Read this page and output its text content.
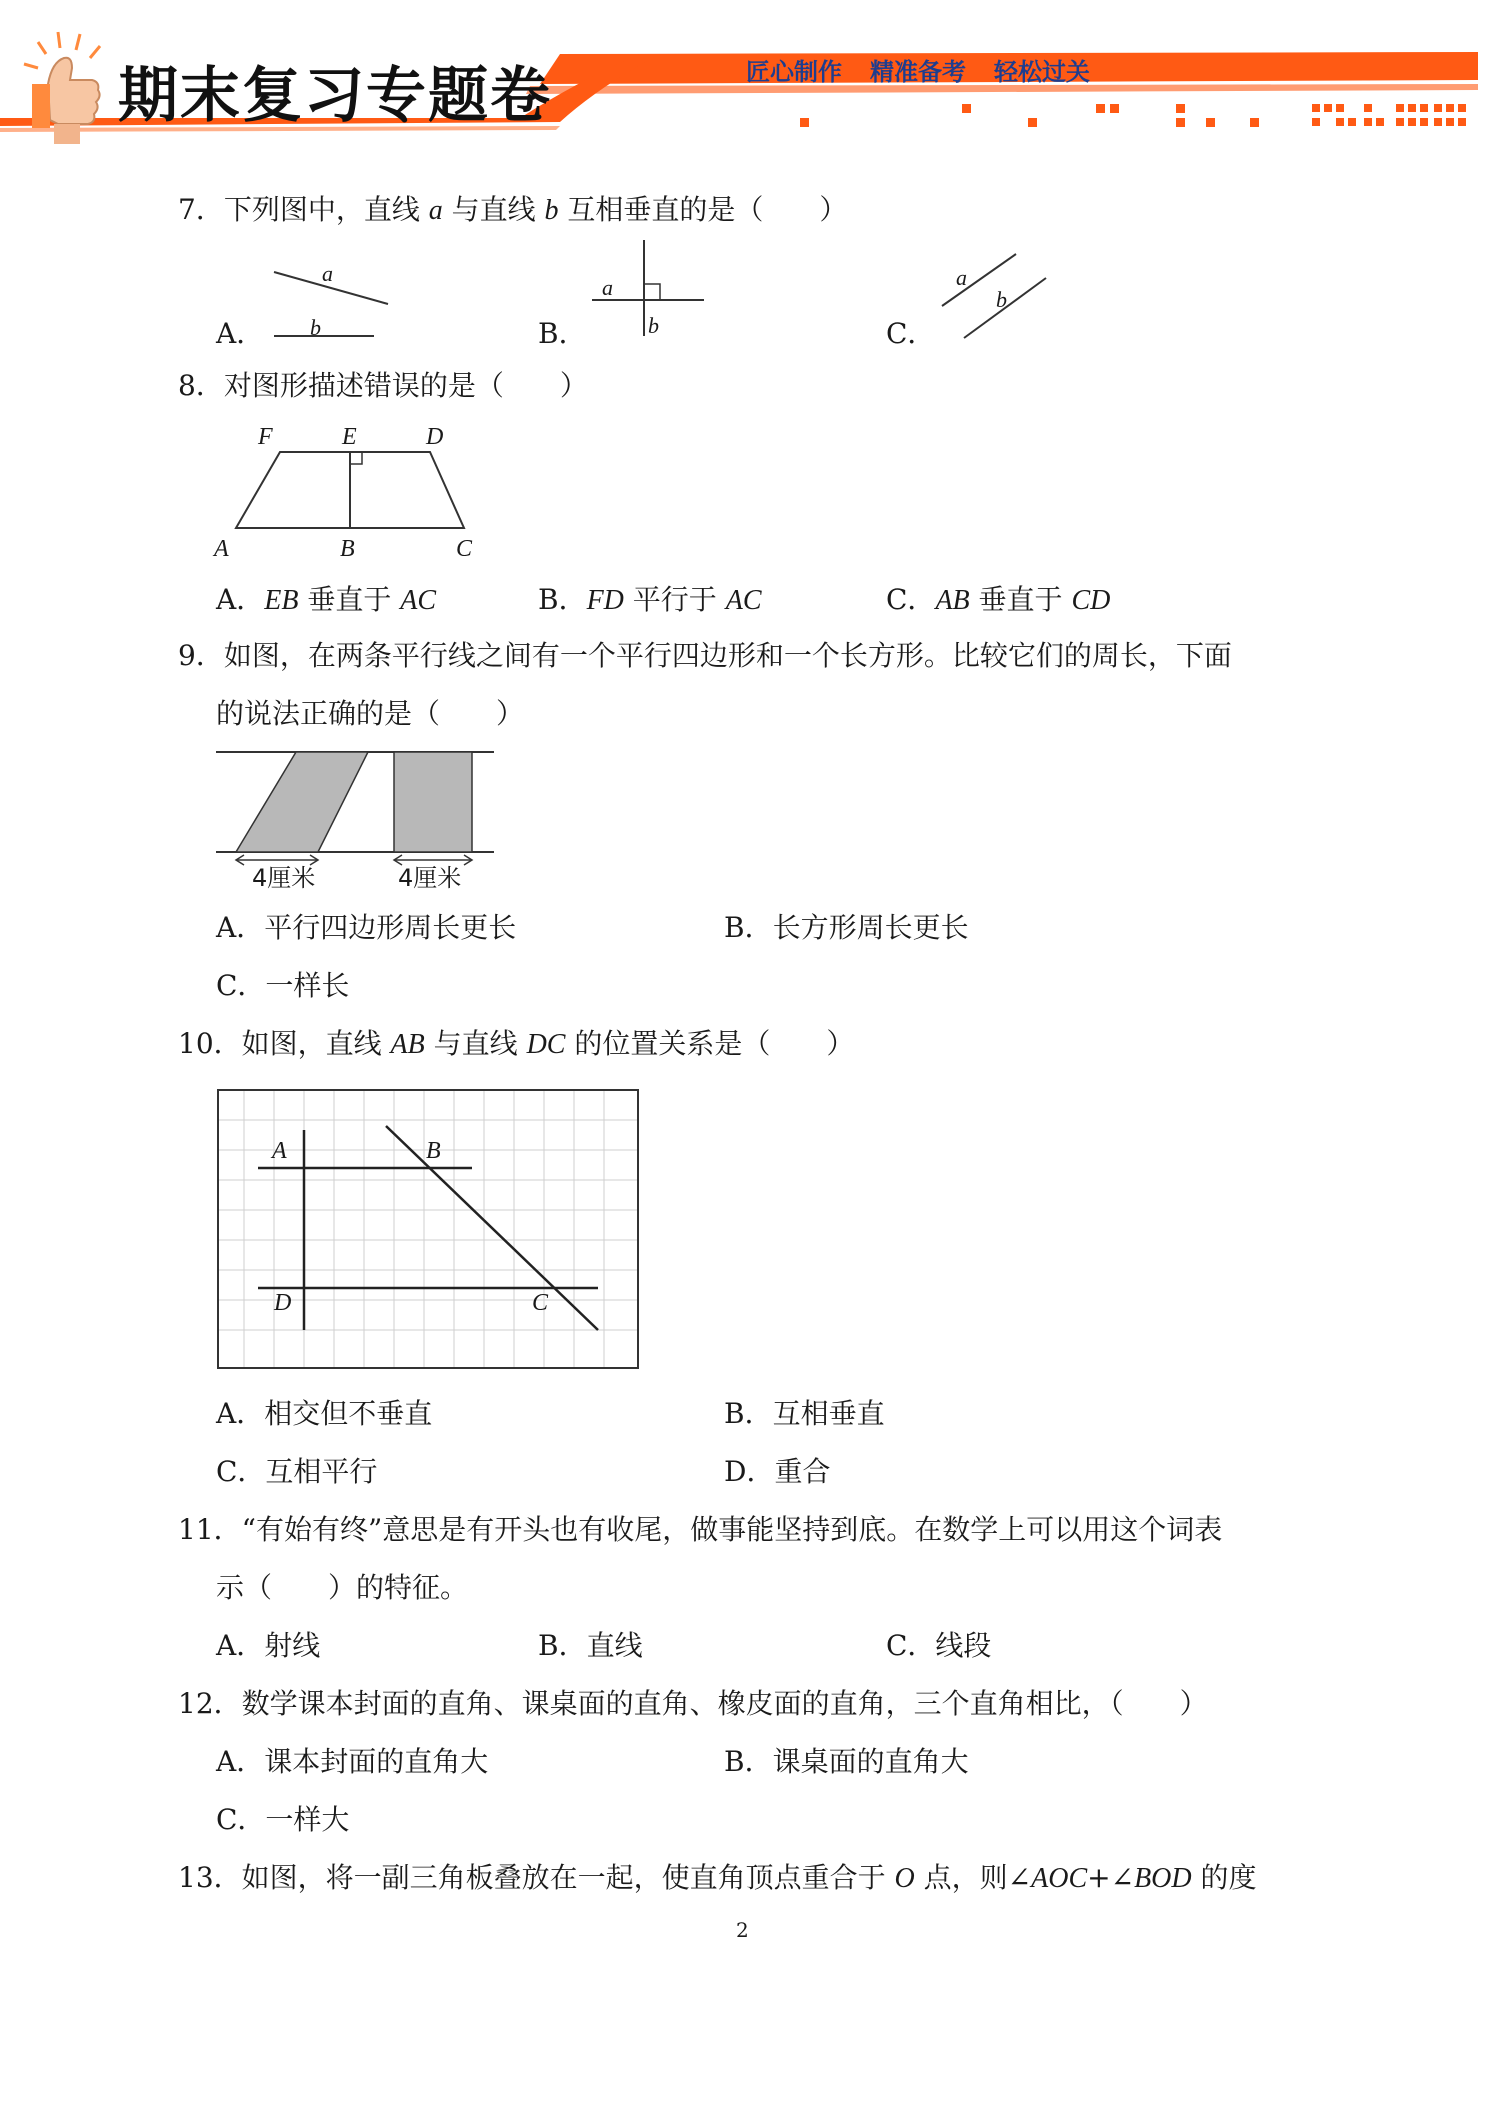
期末复习专题卷	匠心制作 精准备考 轻松过关
7．下列图中，直线 a 与直线 b 互相垂直的是（　　）
A．
a
b	B．
a
b	C．
a
b
8．对图形描述错误的是（　　）
F	E	D
A	B	C
A．EB 垂直于 AC	B．FD 平行于 AC	C．AB 垂直于 CD
9．如图，在两条平行线之间有一个平行四边形和一个长方形。比较它们的周长，下面
的说法正确的是（　　）
4厘米	4厘米
A．平行四边形周长更长	B．长方形周长更长
C．一样长
10．如图，直线 AB 与直线 DC 的位置关系是（　　）
A	B
D	C
A．相交但不垂直	B．互相垂直
C．互相平行	D．重合
11．“有始有终”意思是有开头也有收尾，做事能坚持到底。在数学上可以用这个词表
示（　　）的特征。
A．射线	B．直线	C．线段
12．数学课本封面的直角、课桌面的直角、橡皮面的直角，三个直角相比，（　　）
A．课本封面的直角大	B．课桌面的直角大
C．一样大
13．如图，将一副三角板叠放在一起，使直角顶点重合于 O 点，则∠AOC+∠BOD 的度
2
